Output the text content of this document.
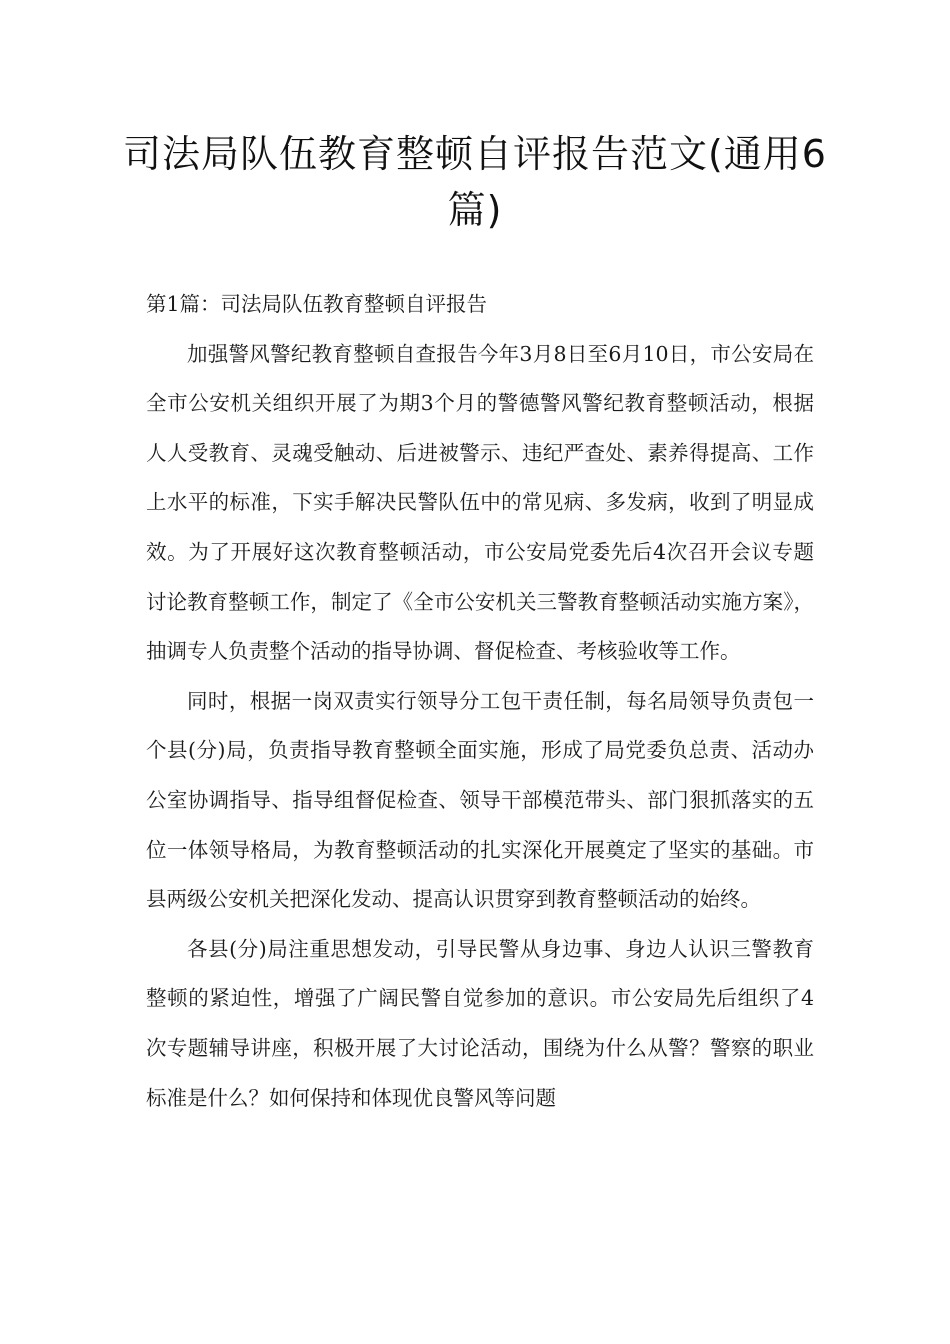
司法局队伍教育整顿自评报告范文(通用6篇)
第1篇：司法局队伍教育整顿自评报告

加强警风警纪教育整顿自查报告今年3月8日至6月10日，市公安局在全市公安机关组织开展了为期3个月的警德警风警纪教育整顿活动，根据人人受教育、灵魂受触动、后进被警示、违纪严查处、素养得提高、工作上水平的标准，下实手解决民警队伍中的常见病、多发病，收到了明显成效。为了开展好这次教育整顿活动，市公安局党委先后4次召开会议专题讨论教育整顿工作，制定了《全市公安机关三警教育整顿活动实施方案》，抽调专人负责整个活动的指导协调、督促检查、考核验收等工作。

同时，根据一岗双责实行领导分工包干责任制，每名局领导负责包一个县(分)局，负责指导教育整顿全面实施，形成了局党委负总责、活动办公室协调指导、指导组督促检查、领导干部模范带头、部门狠抓落实的五位一体领导格局，为教育整顿活动的扎实深化开展奠定了坚实的基础。市县两级公安机关把深化发动、提高认识贯穿到教育整顿活动的始终。

各县(分)局注重思想发动，引导民警从身边事、身边人认识三警教育整顿的紧迫性，增强了广阔民警自觉参加的意识。市公安局先后组织了4次专题辅导讲座，积极开展了大讨论活动，围绕为什么从警？警察的职业标准是什么？如何保持和体现优良警风等问题
